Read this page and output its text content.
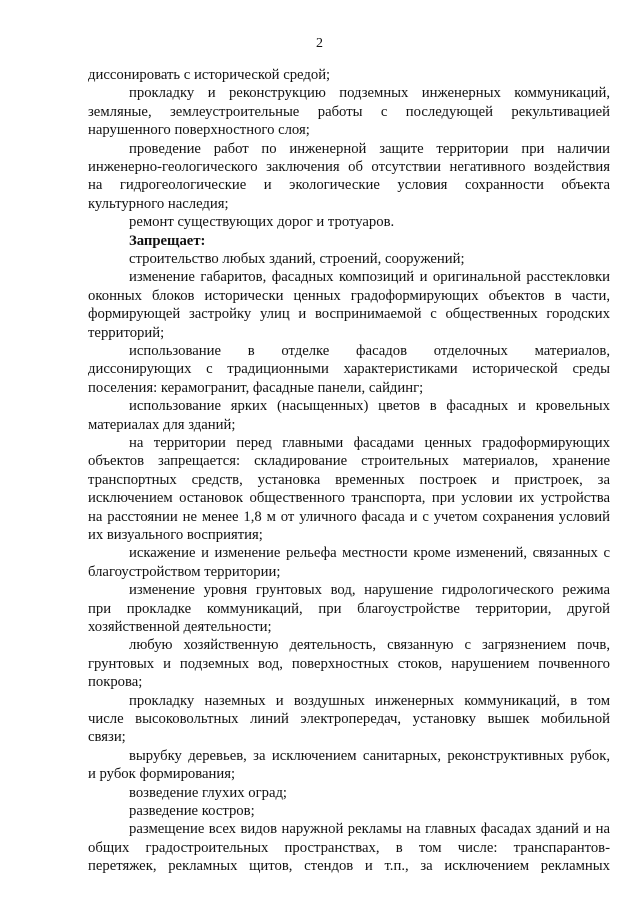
2
диссонировать с исторической средой;
прокладку и реконструкцию подземных инженерных коммуникаций,
земляные, землеустроительные работы с последующей рекультивацией
нарушенного поверхностного слоя;
проведение работ по инженерной защите территории при наличии
инженерно-геологического заключения об отсутствии негативного воздействия
на гидрогеологические и экологические условия сохранности объекта
культурного наследия;
ремонт существующих дорог и тротуаров.
Запрещает:
строительство любых зданий, строений, сооружений;
изменение габаритов, фасадных композиций и оригинальной расстекловки
оконных блоков исторически ценных градоформирующих объектов в части,
формирующей застройку улиц и воспринимаемой с общественных городских
территорий;
использование в отделке фасадов отделочных материалов,
диссонирующих с традиционными характеристиками исторической среды
поселения: керамогранит, фасадные панели, сайдинг;
использование ярких (насыщенных) цветов в фасадных и кровельных
материалах для зданий;
на территории перед главными фасадами ценных градоформирующих
объектов запрещается: складирование строительных материалов, хранение
транспортных средств, установка временных построек и пристроек, за
исключением остановок общественного транспорта, при условии их устройства
на расстоянии не менее 1,8 м от уличного фасада и с учетом сохранения условий
их визуального восприятия;
искажение и изменение рельефа местности кроме изменений, связанных с
благоустройством территории;
изменение уровня грунтовых вод, нарушение гидрологического режима
при прокладке коммуникаций, при благоустройстве территории, другой
хозяйственной деятельности;
любую хозяйственную деятельность, связанную с загрязнением почв,
грунтовых и подземных вод, поверхностных стоков, нарушением почвенного
покрова;
прокладку наземных и воздушных инженерных коммуникаций, в том
числе высоковольтных линий электропередач, установку вышек мобильной
связи;
вырубку деревьев, за исключением санитарных, реконструктивных рубок,
и рубок формирования;
возведение глухих оград;
разведение костров;
размещение всех видов наружной рекламы на главных фасадах зданий и на
общих градостроительных пространствах, в том числе: транспарантов-
перетяжек, рекламных щитов, стендов и т.п., за исключением рекламных
